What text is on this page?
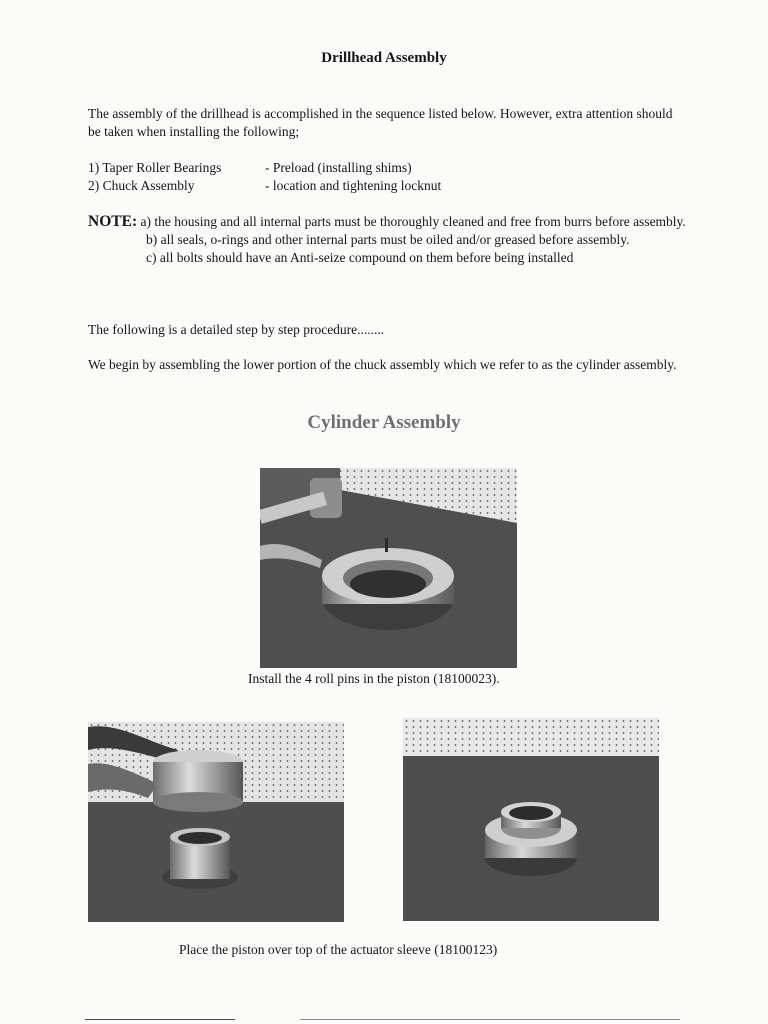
Drillhead Assembly

The assembly of the drillhead is accomplished in the sequence listed below. However, extra attention should be taken when installing the following;

1) Taper Roller Bearings	- Preload (installing shims)
2) Chuck Assembly	- location and tightening locknut
NOTE: a) the housing and all internal parts must be thoroughly cleaned and free from burrs before assembly.
b) all seals, o-rings and other internal parts must be oiled and/or greased before assembly.
c) all bolts should have an Anti-seize compound on them before being installed

The following is a detailed step by step procedure........

We begin by assembling the lower portion of the chuck assembly which we refer to as the cylinder assembly.

Cylinder Assembly
Install the 4 roll pins in the piston (18100023).
Place the piston over top of the actuator sleeve (18100123)
